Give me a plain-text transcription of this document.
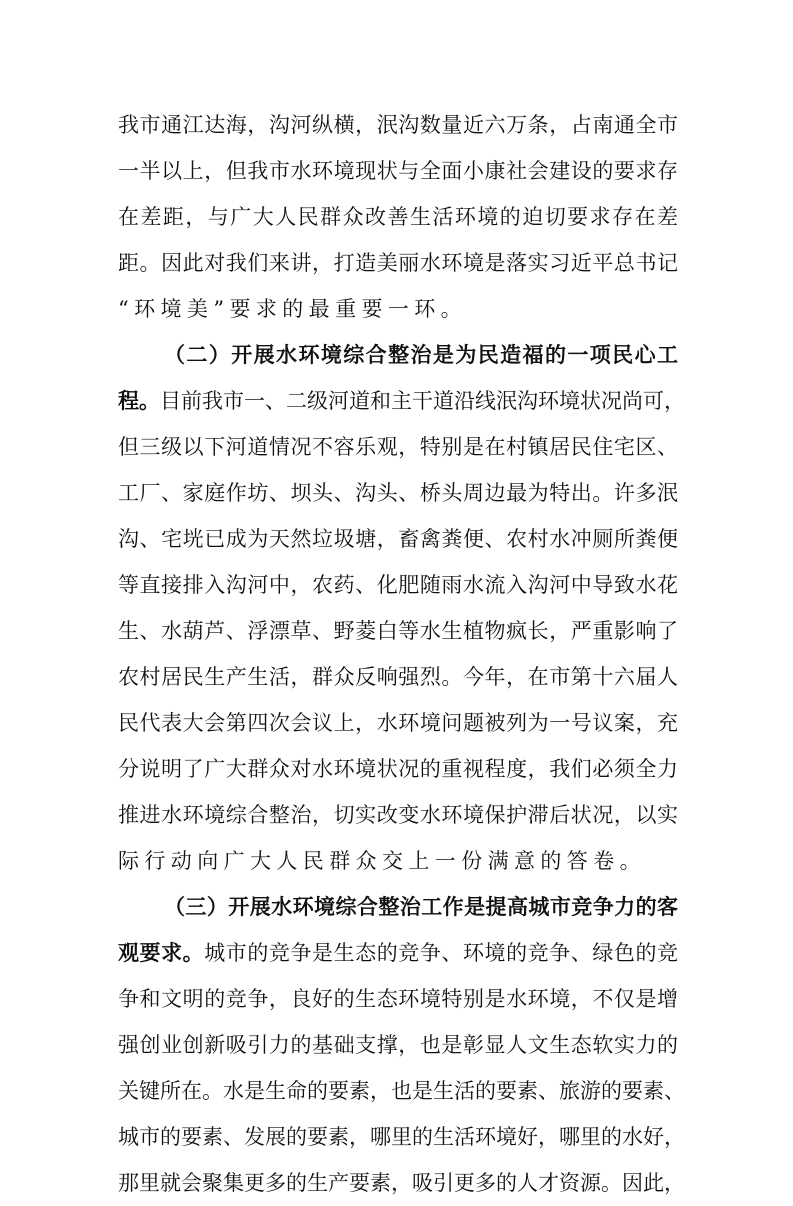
我市通江达海，沟河纵横，泯沟数量近六万条，占南通全市
一半以上，但我市水环境现状与全面小康社会建设的要求存
在差距，与广大人民群众改善生活环境的迫切要求存在差
距。因此对我们来讲，打造美丽水环境是落实习近平总书记
“环境美”要求的最重要一环。
（二）开展水环境综合整治是为民造福的一项民心工
程。目前我市一、二级河道和主干道沿线泯沟环境状况尚可，
但三级以下河道情况不容乐观，特别是在村镇居民住宅区、
工厂、家庭作坊、坝头、沟头、桥头周边最为特出。许多泯
沟、宅垙已成为天然垃圾塘，畜禽粪便、农村水冲厕所粪便
等直接排入沟河中，农药、化肥随雨水流入沟河中导致水花
生、水葫芦、浮漂草、野菱白等水生植物疯长，严重影响了
农村居民生产生活，群众反响强烈。今年，在市第十六届人
民代表大会第四次会议上，水环境问题被列为一号议案，充
分说明了广大群众对水环境状况的重视程度，我们必须全力
推进水环境综合整治，切实改变水环境保护滞后状况，以实
际行动向广大人民群众交上一份满意的答卷。
（三）开展水环境综合整治工作是提高城市竞争力的客
观要求。城市的竞争是生态的竞争、环境的竞争、绿色的竞
争和文明的竞争，良好的生态环境特别是水环境，不仅是增
强创业创新吸引力的基础支撑，也是彰显人文生态软实力的
关键所在。水是生命的要素，也是生活的要素、旅游的要素、
城市的要素、发展的要素，哪里的生活环境好，哪里的水好，
那里就会聚集更多的生产要素，吸引更多的人才资源。因此，
